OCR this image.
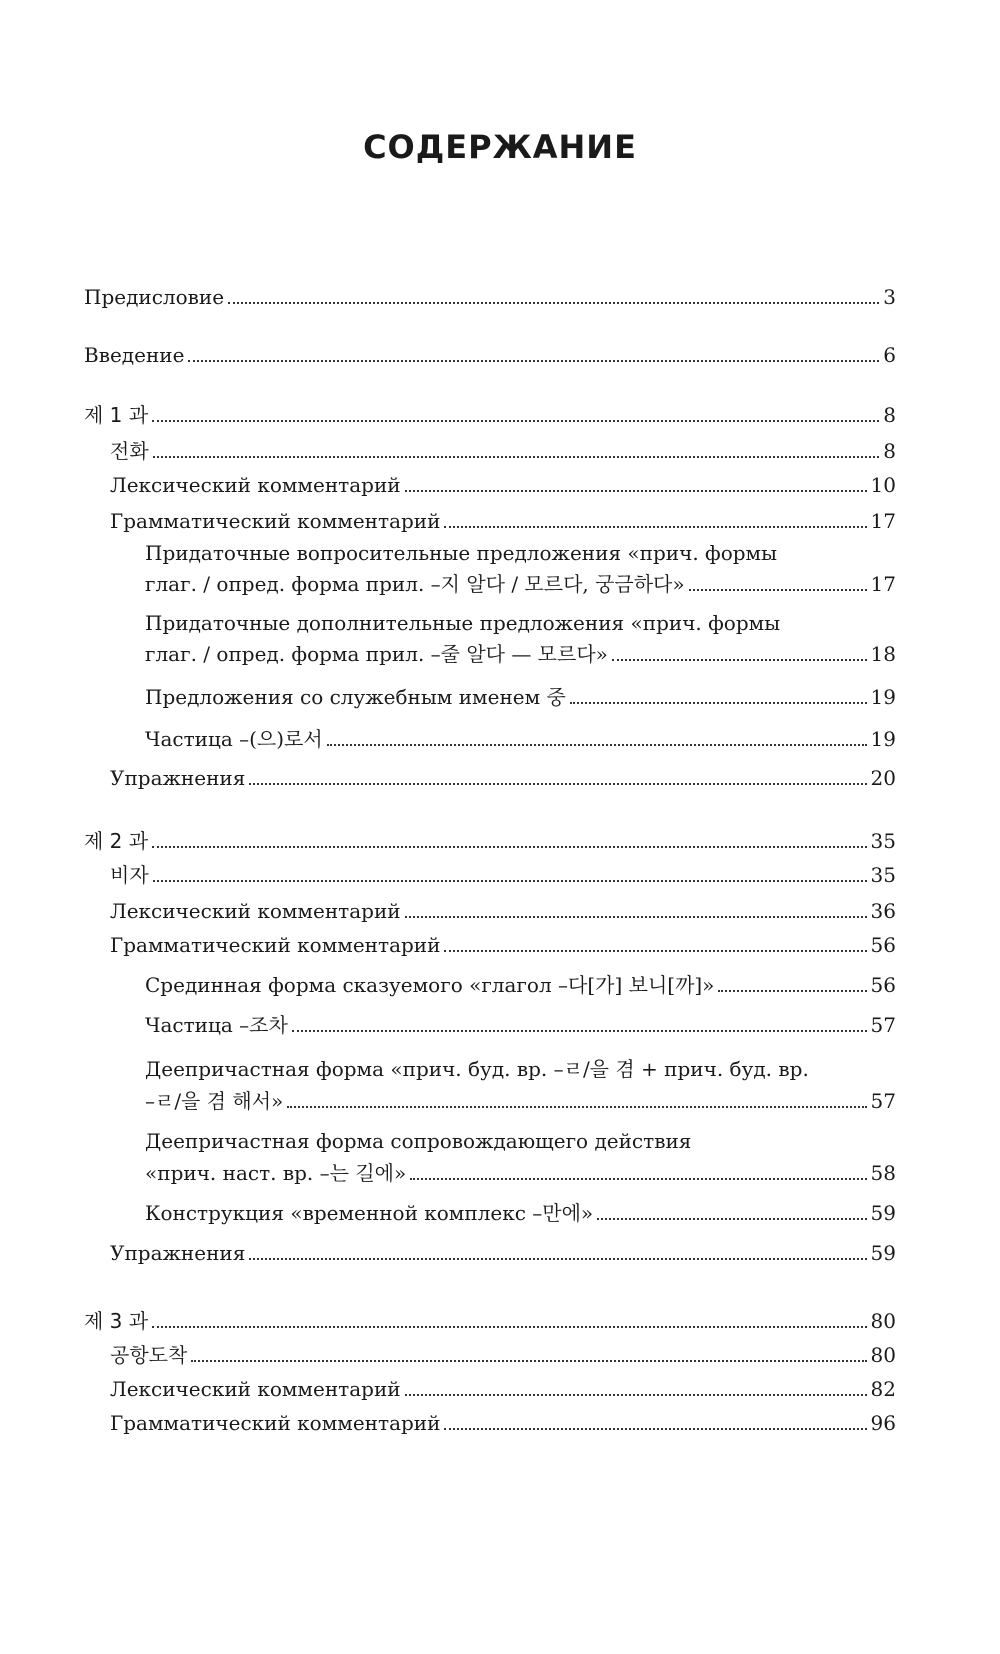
СОДЕРЖАНИЕ
Предисловие	3
Введение	6
제 1 과	8
전화	8
Лексический комментарий	10
Грамматический комментарий	17
Придаточные вопросительные предложения «прич. формы
глаг. / опред. форма прил. –지 알다 / 모르다, 궁금하다»	17
Придаточные дополнительные предложения «прич. формы
глаг. / опред. форма прил. –줄 알다 — 모르다»	18
Предложения со служебным именем 중	19
Частица –(으)로서	19
Упражнения	20
제 2 과	35
비자	35
Лексический комментарий	36
Грамматический комментарий	56
Срединная форма сказуемого «глагол –다[가] 보니[까]»	56
Частица –조차	57
Деепричастная форма «прич. буд. вр. –ㄹ/을 겸 + прич. буд. вр.
–ㄹ/을 겸 해서»	57
Деепричастная форма сопровождающего действия
«прич. наст. вр. –는 길에»	58
Конструкция «временной комплекс –만에»	59
Упражнения	59
제 3 과	80
공항도착	80
Лексический комментарий	82
Грамматический комментарий	96
